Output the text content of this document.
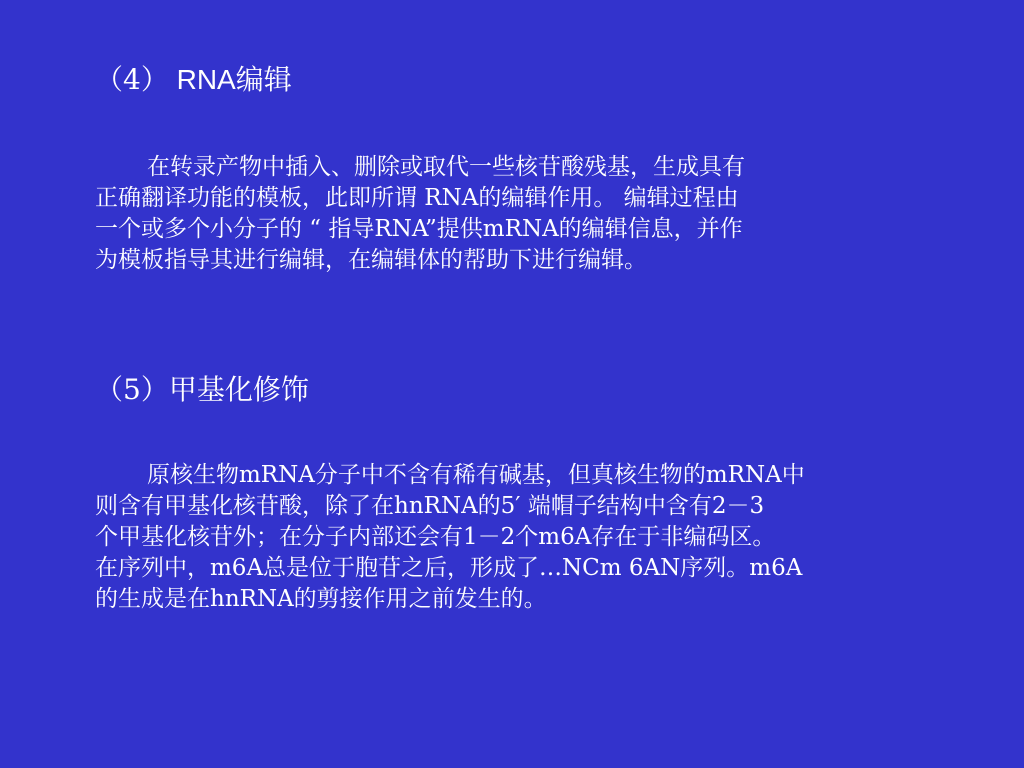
（4） RNA编辑
在转录产物中插入、删除或取代一些核苷酸残基，生成具有
正确翻译功能的模板，此即所谓 RNA的编辑作用。 编辑过程由
一个或多个小分子的 “ 指导RNA”提供mRNA的编辑信息，并作
为模板指导其进行编辑，在编辑体的帮助下进行编辑。
（5）甲基化修饰
原核生物mRNA分子中不含有稀有碱基，但真核生物的mRNA中
则含有甲基化核苷酸，除了在hnRNA的5′ 端帽子结构中含有2－3
个甲基化核苷外；在分子内部还会有1－2个m6A存在于非编码区。
在序列中，m6A总是位于胞苷之后，形成了…NCm 6AN序列。m6A
的生成是在hnRNA的剪接作用之前发生的。
